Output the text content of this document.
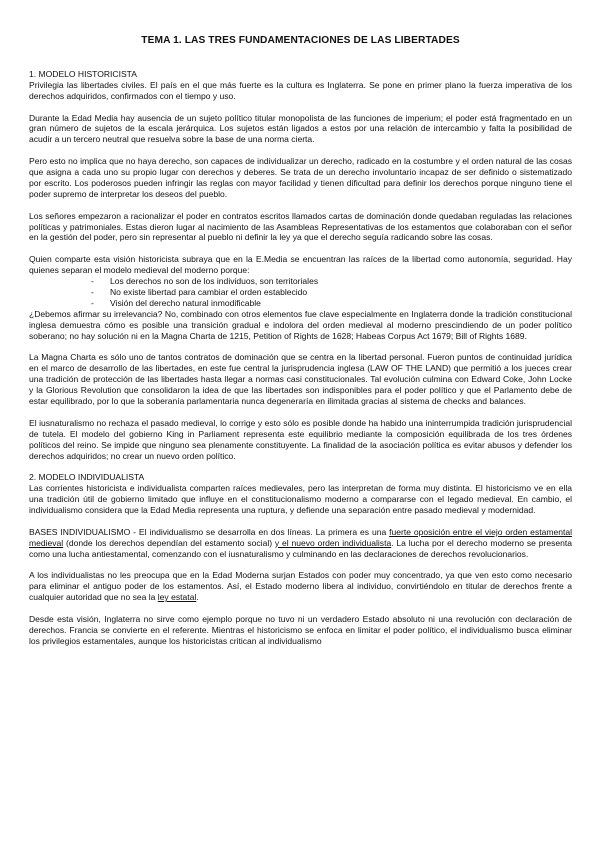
TEMA 1. LAS TRES FUNDAMENTACIONES DE LAS LIBERTADES

1. MODELO HISTORICISTA

Privilegia las libertades civiles. El país en el que más fuerte es la cultura es Inglaterra. Se pone en primer plano la fuerza imperativa de los derechos adquiridos, confirmados con el tiempo y uso.

Durante la Edad Media hay ausencia de un sujeto político titular monopolista de las funciones de imperium; el poder está fragmentado en un gran número de sujetos de la escala jerárquica. Los sujetos están ligados a estos por una relación de intercambio y falta la posibilidad de acudir a un tercero neutral que resuelva sobre la base de una norma cierta.

Pero esto no implica que no haya derecho, son capaces de individualizar un derecho, radicado en la costumbre y el orden natural de las cosas que asigna a cada uno su propio lugar con derechos y deberes. Se trata de un derecho involuntario incapaz de ser definido o sistematizado por escrito. Los poderosos pueden infringir las reglas con mayor facilidad y tienen dificultad para definir los derechos porque ninguno tiene el poder supremo de interpretar los deseos del pueblo.

Los señores empezaron a racionalizar el poder en contratos escritos llamados cartas de dominación donde quedaban reguladas las relaciones políticas y patrimoniales. Estas dieron lugar al nacimiento de las Asambleas Representativas de los estamentos que colaboraban con el señor en la gestión del poder, pero sin representar al pueblo ni definir la ley ya que el derecho seguía radicando sobre las cosas.

Quien comparte esta visión historicista subraya que en la E.Media se encuentran las raíces de la libertad como autonomía, seguridad. Hay quienes separan el modelo medieval del moderno porque:

- Los derechos no son de los individuos, son territoriales
- No existe libertad para cambiar el orden establecido
- Visión del derecho natural inmodificable

¿Debemos afirmar su irrelevancia? No, combinado con otros elementos fue clave especialmente en Inglaterra donde la tradición constitucional inglesa demuestra cómo es posible una transición gradual e indolora del orden medieval al moderno prescindiendo de un poder político soberano; no hay solución ni en la Magna Charta de 1215, Petition of Rights de 1628; Habeas Corpus Act 1679; Bill of Rights 1689.

La Magna Charta es sólo uno de tantos contratos de dominación que se centra en la libertad personal. Fueron puntos de continuidad jurídica en el marco de desarrollo de las libertades, en este fue central la jurisprudencia inglesa (LAW OF THE LAND) que permitió a los jueces crear una tradición de protección de las libertades hasta llegar a normas casi constitucionales. Tal evolución culmina con Edward Coke, John Locke y la Glorious Revolution que consolidaron la idea de que las libertades son indisponibles para el poder político y que el Parlamento debe de estar equilibrado, por lo que la soberanía parlamentaria nunca degeneraría en ilimitada gracias al sistema de checks and balances.

El iusnaturalismo no rechaza el pasado medieval, lo corrige y esto sólo es posible donde ha habido una ininterrumpida tradición jurisprudencial de tutela. El modelo del gobierno King in Parliament representa este equilibrio mediante la composición equilibrada de los tres órdenes políticos del reino. Se impide que ninguno sea plenamente constituyente. La finalidad de la asociación política es evitar abusos y defender los derechos adquiridos; no crear un nuevo orden político.

2. MODELO INDIVIDUALISTA

Las corrientes historicista e individualista comparten raíces medievales, pero las interpretan de forma muy distinta. El historicismo ve en ella una tradición útil de gobierno limitado que influye en el constitucionalismo moderno a compararse con el legado medieval. En cambio, el individualismo considera que la Edad Media representa una ruptura, y defiende una separación entre pasado medieval y modernidad.

BASES INDIVIDUALISMO - El individualismo se desarrolla en dos líneas. La primera es una fuerte oposición entre el viejo orden estamental medieval (donde los derechos dependían del estamento social) y el nuevo orden individualista. La lucha por el derecho moderno se presenta como una lucha antiestamental, comenzando con el iusnaturalismo y culminando en las declaraciones de derechos revolucionarios.

A los individualistas no les preocupa que en la Edad Moderna surjan Estados con poder muy concentrado, ya que ven esto como necesario para eliminar el antiguo poder de los estamentos. Así, el Estado moderno libera al individuo, convirtiéndolo en titular de derechos frente a cualquier autoridad que no sea la ley estatal.

Desde esta visión, Inglaterra no sirve como ejemplo porque no tuvo ni un verdadero Estado absoluto ni una revolución con declaración de derechos. Francia se convierte en el referente. Mientras el historicismo se enfoca en limitar el poder político, el individualismo busca eliminar los privilegios estamentales, aunque los historicistas critican al individualismo
